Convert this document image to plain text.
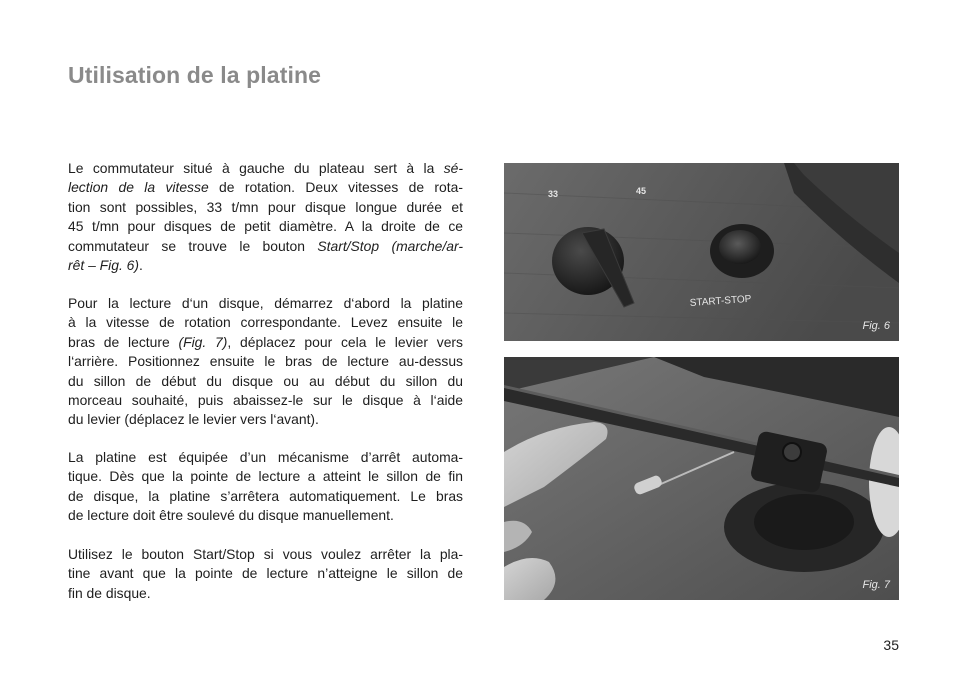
Utilisation de la platine
Le commutateur situé à gauche du plateau sert à la sé-
lection de la vitesse de rotation. Deux vitesses de rota-
tion sont possibles, 33 t/mn pour disque longue durée et
45 t/mn pour disques de petit diamètre. A la droite de ce
commutateur se trouve le bouton Start/Stop (marche/ar-
rêt – Fig. 6).
Pour la lecture d‘un disque, démarrez d‘abord la platine
à la vitesse de rotation correspondante. Levez ensuite le
bras de lecture (Fig. 7), déplacez pour cela le levier vers
l‘arrière. Positionnez ensuite le bras de lecture au-dessus
du sillon de début du disque ou au début du sillon du
morceau souhaité, puis abaissez-le sur le disque à l‘aide
du levier (déplacez le levier vers l‘avant).
La platine est équipée d’un mécanisme d’arrêt automa-
tique. Dès que la pointe de lecture a atteint le sillon de fin
de disque, la platine s’arrêtera automatiquement. Le bras
de lecture doit être soulevé du disque manuellement.
Utilisez le bouton Start/Stop si vous voulez arrêter la pla-
tine avant que la pointe de lecture n’atteigne le sillon de
fin de disque.
33	45
START-STOP
Fig. 6
Fig. 7
35
